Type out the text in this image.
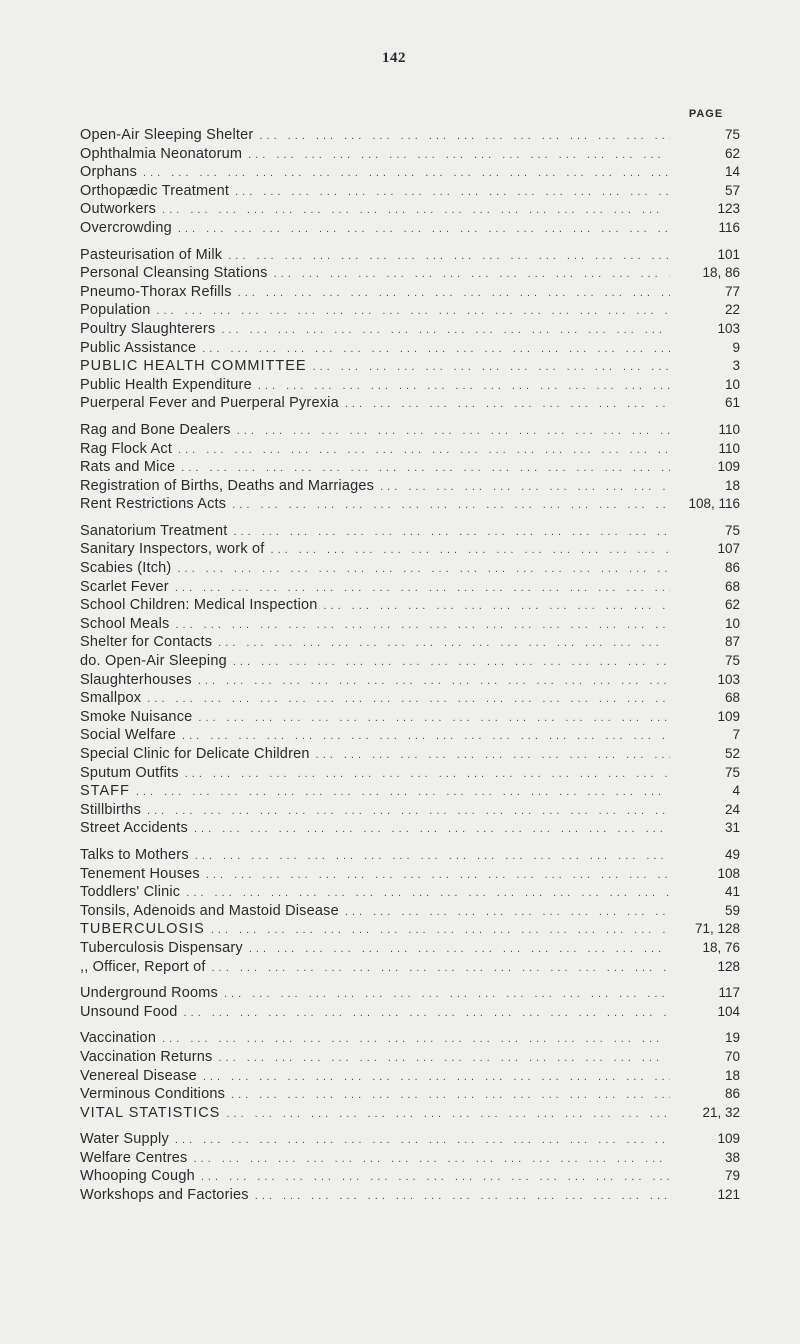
142
PAGE
Open-Air Sleeping Shelter ... .	75
Ophthalmia Neonatorum ... .	62
Orphans ... .	14
Orthopædic Treatment ... .	57
Outworkers ... .	123
Overcrowding ... .	116
Pasteurisation of Milk ... .	101
Personal Cleansing Stations ... .	18, 86
Pneumo-Thorax Refills ... .	77
Population ... .	22
Poultry Slaughterers ... .	103
Public Assistance ... .	9
PUBLIC HEALTH COMMITTEE ... .	3
Public Health Expenditure ... .	10
Puerperal Fever and Puerperal Pyrexia ... .	61
Rag and Bone Dealers ... .	110
Rag Flock Act ... .	110
Rats and Mice ... .	109
Registration of Births, Deaths and Marriages ... .	18
Rent Restrictions Acts ... .	108, 116
Sanatorium Treatment ... .	75
Sanitary Inspectors, work of ... .	107
Scabies (Itch) ... .	86
Scarlet Fever ... .	68
School Children: Medical Inspection ... .	62
School Meals ... .	10
Shelter for Contacts ... .	87
do. Open-Air Sleeping ... .	75
Slaughterhouses ... .	103
Smallpox ... .	68
Smoke Nuisance ... .	109
Social Welfare ... .	7
Special Clinic for Delicate Children ... .	52
Sputum Outfits ... .	75
STAFF ... .	4
Stillbirths ... .	24
Street Accidents ... .	31
Talks to Mothers ... .	49
Tenement Houses ... .	108
Toddlers' Clinic ... .	41
Tonsils, Adenoids and Mastoid Disease ... .	59
TUBERCULOSIS ... .	71, 128
Tuberculosis Dispensary ... .	18, 76
,, Officer, Report of ... .	128
Underground Rooms ... .	117
Unsound Food ... .	104
Vaccination ... .	19
Vaccination Returns ... .	70
Venereal Disease ... .	18
Verminous Conditions ... .	86
VITAL STATISTICS ... .	21, 32
Water Supply ... .	109
Welfare Centres ... .	38
Whooping Cough ... .	79
Workshops and Factories ... .	121
